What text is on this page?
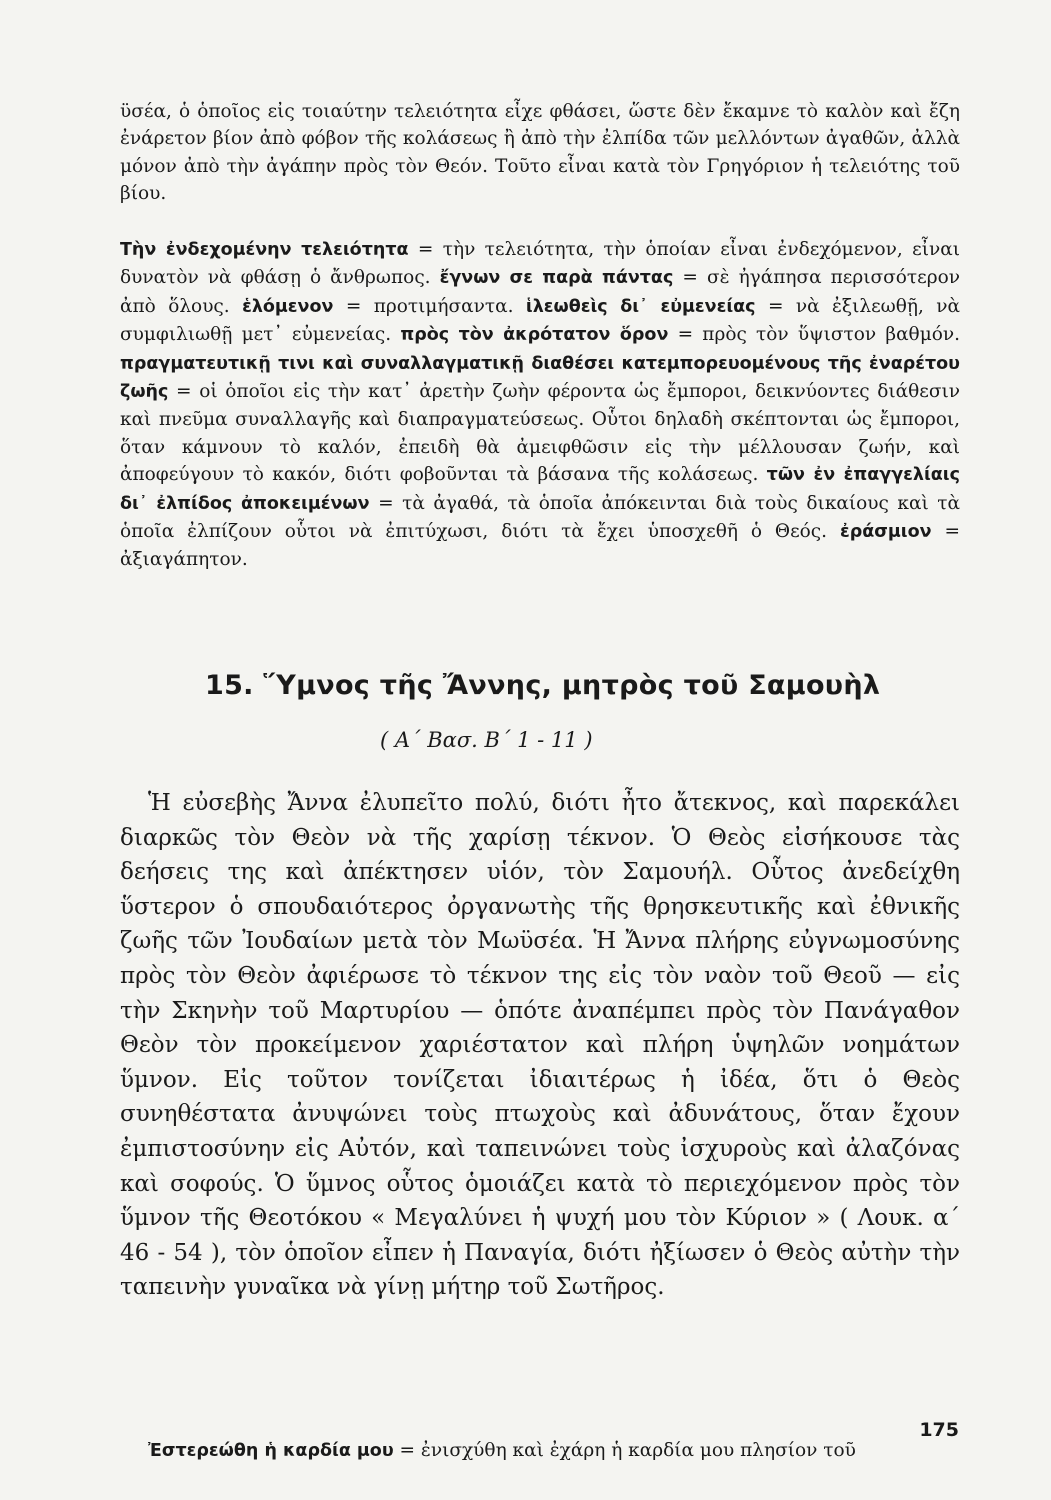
ϋσέα, ὁ ὁποῖος εἰς τοιαύτην τελειότητα εἶχε φθάσει, ὥστε δὲν ἔκαμνε τὸ καλὸν καὶ ἔζη ἐνάρετον βίον ἀπὸ φόβον τῆς κολάσεως ἢ ἀπὸ τὴν ἐλπίδα τῶν μελλόντων ἀγαθῶν, ἀλλὰ μόνον ἀπὸ τὴν ἀγάπην πρὸς τὸν Θεόν. Τοῦτο εἶναι κατὰ τὸν Γρηγόριον ἡ τελειότης τοῦ βίου.

Τὴν ἐνδεχομένην τελειότητα = τὴν τελειότητα, τὴν ὁποίαν εἶναι ἐνδεχόμενον, εἶναι δυνατὸν νὰ φθάσῃ ὁ ἄνθρωπος. ἔγνων σε παρὰ πάντας = σὲ ἠγάπησα περισσότερον ἀπὸ ὅλους. ἑλόμενον = προτιμήσαντα. ἱλεωθεὶς δι᾿ εὐμενείας = νὰ ἐξιλεωθῇ, νὰ συμφιλιωθῇ μετ᾿ εὐμενείας. πρὸς τὸν ἀκρότατον ὅρον = πρὸς τὸν ὕψιστον βαθμόν. πραγματευτικῇ τινι καὶ συναλλαγματικῇ διαθέσει κατεμπορευομένους τῆς ἐναρέτου ζωῆς = οἱ ὁποῖοι εἰς τὴν κατ᾿ ἀρετὴν ζωὴν φέροντα ὡς ἔμποροι, δεικνύοντες διάθεσιν καὶ πνεῦμα συναλλαγῆς καὶ διαπραγματεύσεως. Οὗτοι δηλαδὴ σκέπτονται ὡς ἔμποροι, ὅταν κάμνουν τὸ καλόν, ἐπειδὴ θὰ ἀμειφθῶσιν εἰς τὴν μέλλουσαν ζωήν, καὶ ἀποφεύγουν τὸ κακόν, διότι φοβοῦνται τὰ βάσανα τῆς κολάσεως. τῶν ἐν ἐπαγγελίαις δι᾿ ἐλπίδος ἀποκειμένων = τὰ ἀγαθά, τὰ ὁποῖα ἀπόκεινται διὰ τοὺς δικαίους καὶ τὰ ὁποῖα ἐλπίζουν οὗτοι νὰ ἐπιτύχωσι, διότι τὰ ἔχει ὑποσχεθῆ ὁ Θεός. ἐράσμιον = ἀξιαγάπητον.

15. Ὕμνος τῆς Ἄννης, μητρὸς τοῦ Σαμουὴλ
( Α΄ Βασ. Β΄ 1 - 11 )

Ἡ εὐσεβὴς Ἄννα ἐλυπεῖτο πολύ, διότι ἦτο ἄτεκνος, καὶ παρεκάλει διαρκῶς τὸν Θεὸν νὰ τῆς χαρίσῃ τέκνον. Ὁ Θεὸς εἰσήκουσε τὰς δεήσεις της καὶ ἀπέκτησεν υἱόν, τὸν Σαμουήλ. Οὗτος ἀνεδείχθη ὕστερον ὁ σπουδαιότερος ὀργανωτὴς τῆς θρησκευτικῆς καὶ ἐθνικῆς ζωῆς τῶν Ἰουδαίων μετὰ τὸν Μωϋσέα. Ἡ Ἄννα πλήρης εὐγνωμοσύνης πρὸς τὸν Θεὸν ἀφιέρωσε τὸ τέκνον της εἰς τὸν ναὸν τοῦ Θεοῦ — εἰς τὴν Σκηνὴν τοῦ Μαρτυρίου — ὁπότε ἀναπέμπει πρὸς τὸν Πανάγαθον Θεὸν τὸν προκείμενον χαριέστατον καὶ πλήρη ὑψηλῶν νοημάτων ὕμνον. Εἰς τοῦτον τονίζεται ἰδιαιτέρως ἡ ἰδέα, ὅτι ὁ Θεὸς συνηθέστατα ἀνυψώνει τοὺς πτωχοὺς καὶ ἀδυνάτους, ὅταν ἔχουν ἐμπιστοσύνην εἰς Αὐτόν, καὶ ταπεινώνει τοὺς ἰσχυροὺς καὶ ἀλαζόνας καὶ σοφούς. Ὁ ὕμνος οὗτος ὁμοιάζει κατὰ τὸ περιεχόμενον πρὸς τὸν ὕμνον τῆς Θεοτόκου « Μεγαλύνει ἡ ψυχή μου τὸν Κύριον » ( Λουκ. α΄ 46 - 54 ), τὸν ὁποῖον εἶπεν ἡ Παναγία, διότι ἠξίωσεν ὁ Θεὸς αὐτὴν τὴν ταπεινὴν γυναῖκα νὰ γίνῃ μήτηρ τοῦ Σωτῆρος.

Ἐστερεώθη ἡ καρδία μου = ἐνισχύθη καὶ ἐχάρη ἡ καρδία μου πλησίον τοῦ
175
